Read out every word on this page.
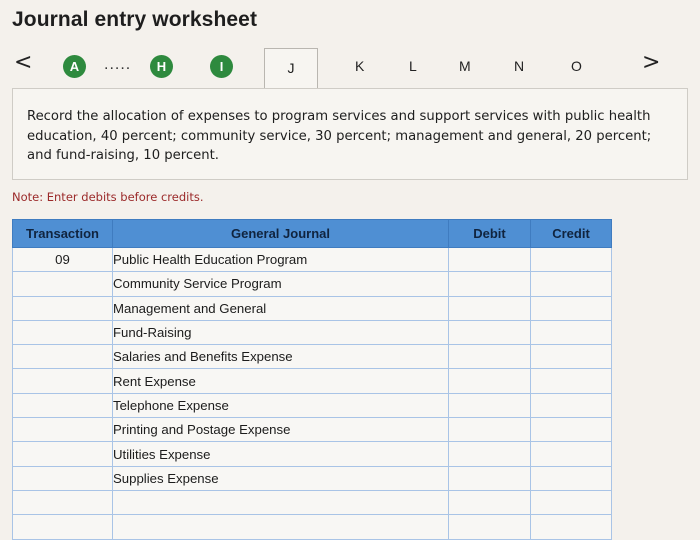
Journal entry worksheet
<	A	.....	H	I	J	K	L	M	N	O	>
Record the allocation of expenses to program services and support services with public health education, 40 percent; community service, 30 percent; management and general, 20 percent; and fund-raising, 10 percent.
Note: Enter debits before credits.
Transaction	General Journal	Debit	Credit
09	Public Health Education Program		
	Community Service Program		
	Management and General		
	Fund-Raising		
	Salaries and Benefits Expense		
	Rent Expense		
	Telephone Expense		
	Printing and Postage Expense		
	Utilities Expense		
	Supplies Expense		
